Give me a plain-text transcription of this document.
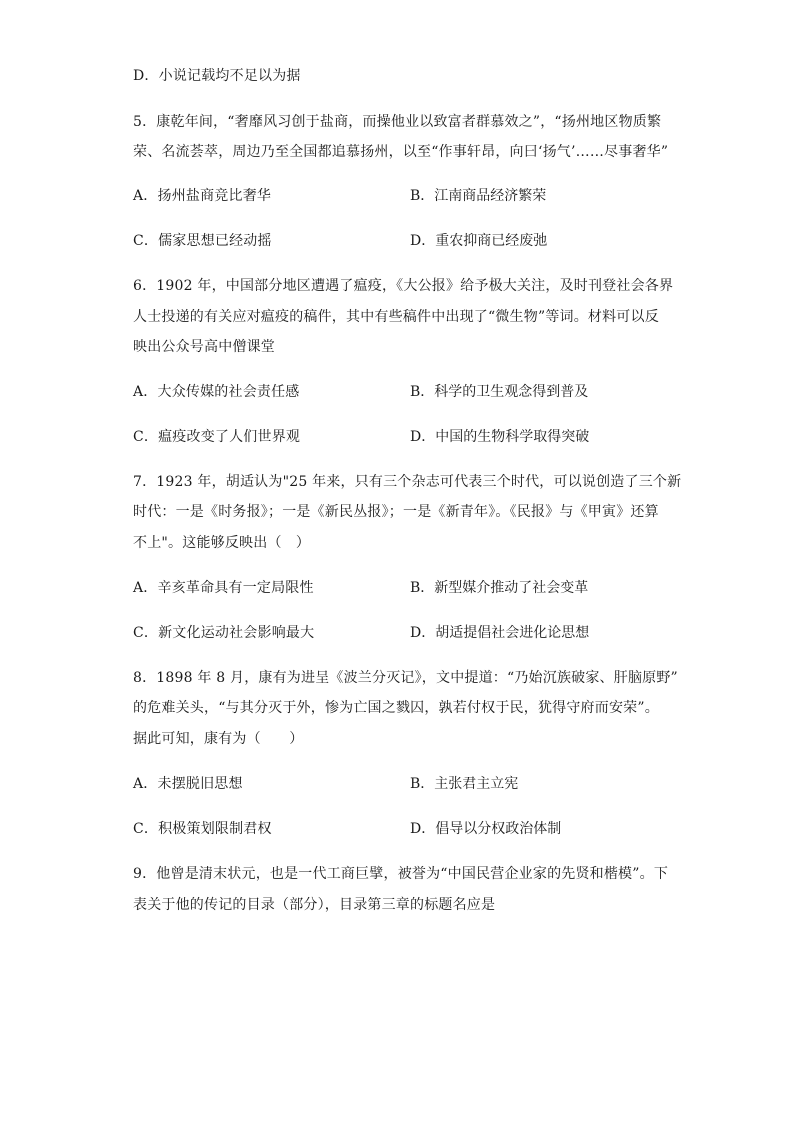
D．小说记载均不足以为据
5．康乾年间，“奢靡风习创于盐商，而操他业以致富者群慕效之”，“扬州地区物质繁
荣、名流荟萃，周边乃至全国都追慕扬州，以至“作事轩昂，向曰‘扬气’……尽事奢华”
A．扬州盐商竞比奢华	B．江南商品经济繁荣
C．儒家思想已经动摇	D．重农抑商已经废弛
6．1902 年，中国部分地区遭遇了瘟疫，《大公报》给予极大关注，及时刊登社会各界
人士投递的有关应对瘟疫的稿件，其中有些稿件中出现了“微生物”等词。材料可以反
映出公众号高中僧课堂
A．大众传媒的社会责任感	B．科学的卫生观念得到普及
C．瘟疫改变了人们世界观	D．中国的生物科学取得突破
7．1923 年，胡适认为"25 年来，只有三个杂志可代表三个时代，可以说创造了三个新
时代：一是《时务报》；一是《新民丛报》；一是《新青年》。《民报》与《甲寅》还算
不上"。这能够反映出（　）
A．辛亥革命具有一定局限性	B．新型媒介推动了社会变革
C．新文化运动社会影响最大	D．胡适提倡社会进化论思想
8．1898 年 8 月，康有为进呈《波兰分灭记》，文中提道：“乃始沉族破家、肝脑原野”
的危难关头，“与其分灭于外，惨为亡国之戮囚，孰若付权于民，犹得守府而安荣”。
据此可知，康有为（　　）
A．未摆脱旧思想	B．主张君主立宪
C．积极策划限制君权	D．倡导以分权政治体制
9．他曾是清末状元，也是一代工商巨擘，被誉为“中国民营企业家的先贤和楷模”。下
表关于他的传记的目录（部分），目录第三章的标题名应是
